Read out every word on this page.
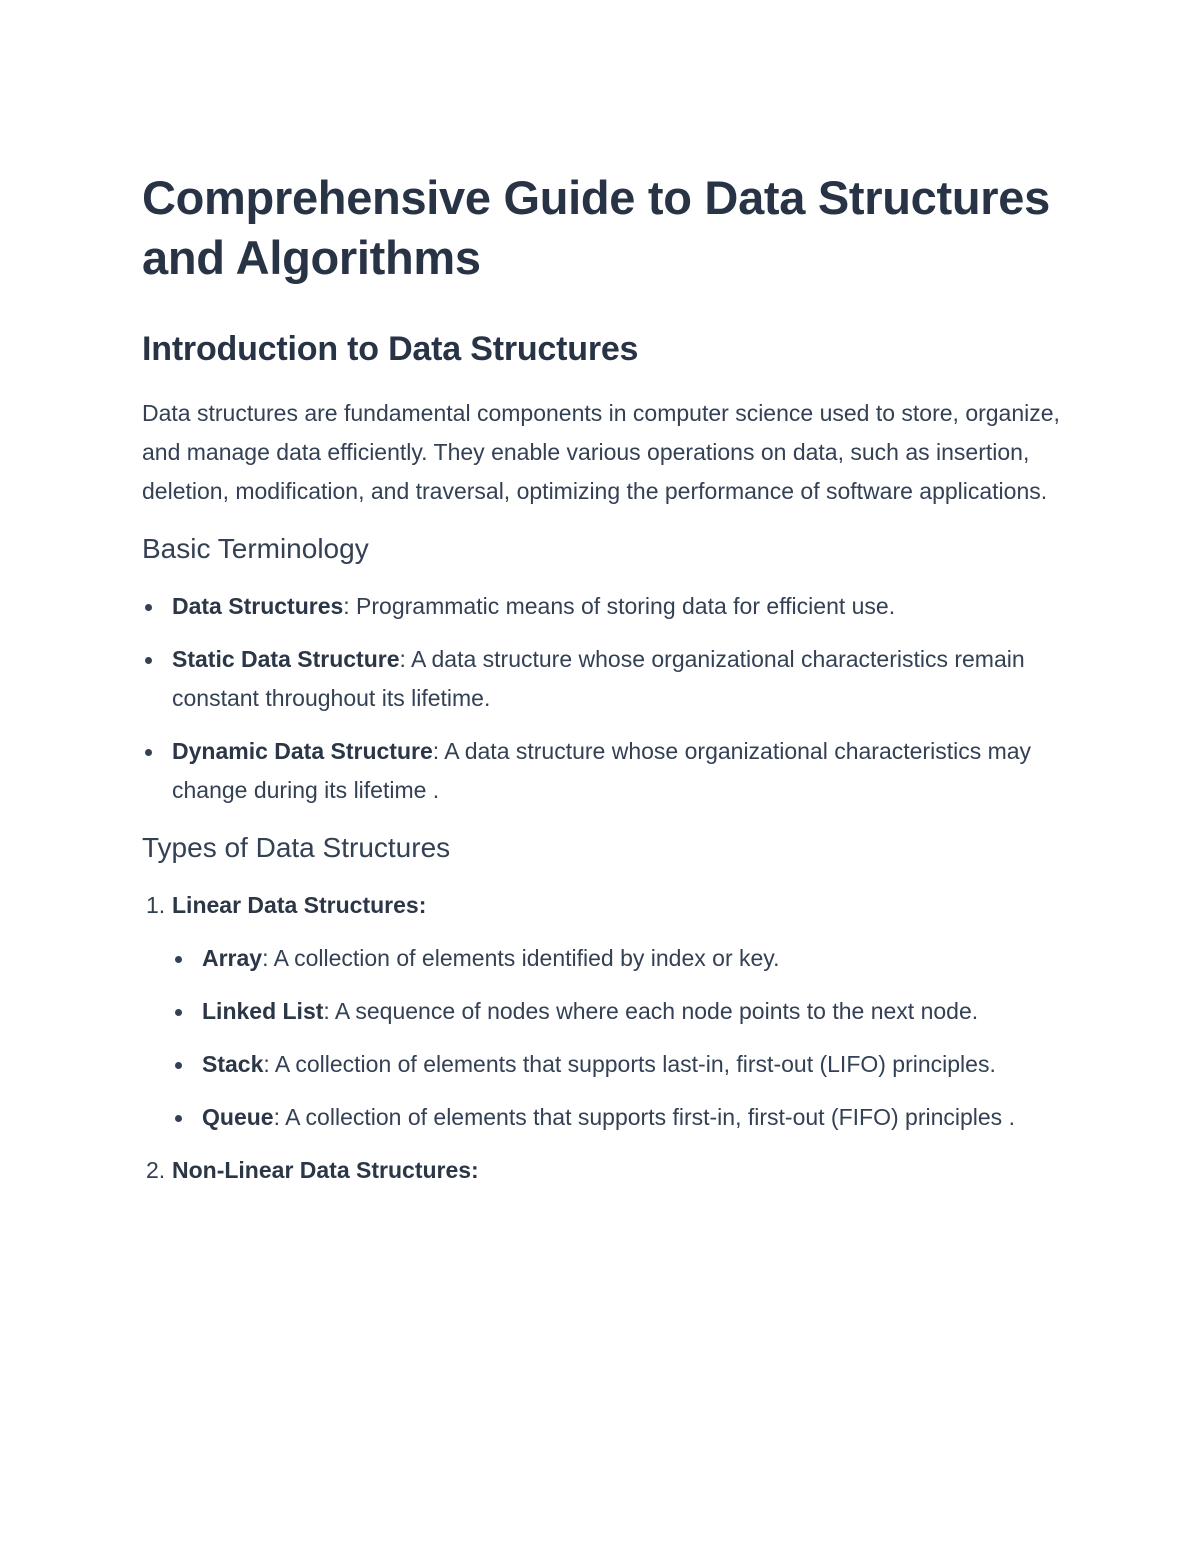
Comprehensive Guide to Data Structures and Algorithms
Introduction to Data Structures

Data structures are fundamental components in computer science used to store, organize, and manage data efficiently. They enable various operations on data, such as insertion, deletion, modification, and traversal, optimizing the performance of software applications.

Basic Terminology
Data Structures: Programmatic means of storing data for efficient use.
Static Data Structure: A data structure whose organizational characteristics remain constant throughout its lifetime.
Dynamic Data Structure: A data structure whose organizational characteristics may change during its lifetime .
Types of Data Structures
1. Linear Data Structures:
Array: A collection of elements identified by index or key.
Linked List: A sequence of nodes where each node points to the next node.
Stack: A collection of elements that supports last-in, first-out (LIFO) principles.
Queue: A collection of elements that supports first-in, first-out (FIFO) principles .
2. Non-Linear Data Structures:
